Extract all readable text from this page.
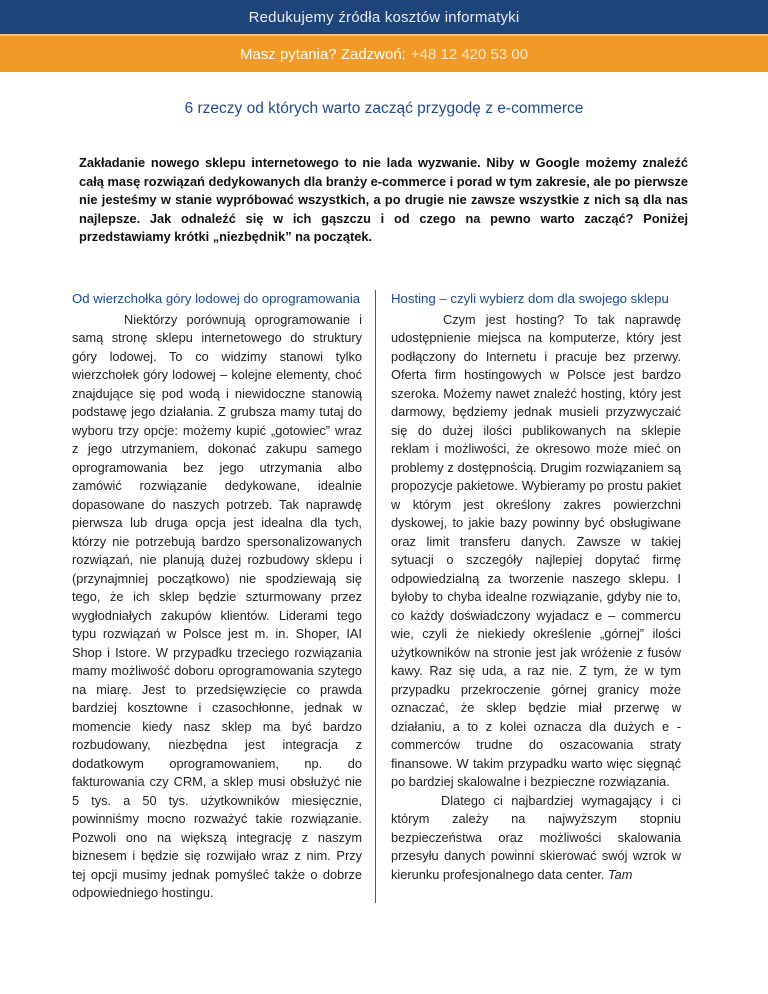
Redukujemy źródła kosztów informatyki
Masz pytania? Zadzwoń: +48 12 420 53 00
6 rzeczy od których warto zacząć przygodę z e-commerce
Zakładanie nowego sklepu internetowego to nie lada wyzwanie. Niby w Google możemy znaleźć całą masę rozwiązań dedykowanych dla branży e-commerce i porad w tym zakresie, ale po pierwsze nie jesteśmy w stanie wypróbować wszystkich, a po drugie nie zawsze wszystkie z nich są dla nas najlepsze. Jak odnaleźć się w ich gąszczu i od czego na pewno warto zacząć? Poniżej przedstawiamy krótki „niezbędnik” na początek.
Od wierzchołka góry lodowej do oprogramowania

Niektórzy porównują oprogramowanie i samą stronę sklepu internetowego do struktury góry lodowej. To co widzimy stanowi tylko wierzchołek góry lodowej – kolejne elementy, choć znajdujące się pod wodą i niewidoczne stanowią podstawę jego działania. Z grubsza mamy tutaj do wyboru trzy opcje: możemy kupić „gotowiec” wraz z jego utrzymaniem, dokonać zakupu samego oprogramowania bez jego utrzymania albo zamówić rozwiązanie dedykowane, idealnie dopasowane do naszych potrzeb. Tak naprawdę pierwsza lub druga opcja jest idealna dla tych, którzy nie potrzebują bardzo spersonalizowanych rozwiązań, nie planują dużej rozbudowy sklepu i (przynajmniej początkowo) nie spodziewają się tego, że ich sklep będzie szturmowany przez wygłodniałych zakupów klientów. Liderami tego typu rozwiązań w Polsce jest m. in. Shoper, IAI Shop i Istore. W przypadku trzeciego rozwiązania mamy możliwość doboru oprogramowania szytego na miarę. Jest to przedsięwzięcie co prawda bardziej kosztowne i czasochłonne, jednak w momencie kiedy nasz sklep ma być bardzo rozbudowany, niezbędna jest integracja z dodatkowym oprogramowaniem, np. do fakturowania czy CRM, a sklep musi obsłużyć nie 5 tys. a 50 tys. użytkowników miesięcznie, powinniśmy mocno rozważyć takie rozwiązanie. Pozwoli ono na większą integrację z naszym biznesem i będzie się rozwijało wraz z nim. Przy tej opcji musimy jednak pomyśleć także o dobrze odpowiedniego hostingu.

Hosting – czyli wybierz dom dla swojego sklepu

Czym jest hosting? To tak naprawdę udostępnienie miejsca na komputerze, który jest podłączony do Internetu i pracuje bez przerwy. Oferta firm hostingowych w Polsce jest bardzo szeroka. Możemy nawet znaleźć hosting, który jest darmowy, będziemy jednak musieli przyzwyczaić się do dużej ilości publikowanych na sklepie reklam i możliwości, że okresowo może mieć on problemy z dostępnością. Drugim rozwiązaniem są propozycje pakietowe. Wybieramy po prostu pakiet w którym jest określony zakres powierzchni dyskowej, to jakie bazy powinny być obsługiwane oraz limit transferu danych. Zawsze w takiej sytuacji o szczegóły najlepiej dopytać firmę odpowiedzialną za tworzenie naszego sklepu. I byłoby to chyba idealne rozwiązanie, gdyby nie to, co każdy doświadczony wyjadacz e – commercu wie, czyli że niekiedy określenie „górnej” ilości użytkowników na stronie jest jak wróżenie z fusów kawy. Raz się uda, a raz nie. Z tym, że w tym przypadku przekroczenie górnej granicy może oznaczać, że sklep będzie miał przerwę w działaniu, a to z kolei oznacza dla dużych e - commerców trudne do oszacowania straty finansowe. W takim przypadku warto więc sięgnąć po bardziej skalowalne i bezpieczne rozwiązania.

Dlatego ci najbardziej wymagający i ci którym zależy na najwyższym stopniu bezpieczeństwa oraz możliwości skalowania przesyłu danych powinni skierować swój wzrok w kierunku profesjonalnego data center. Tam
